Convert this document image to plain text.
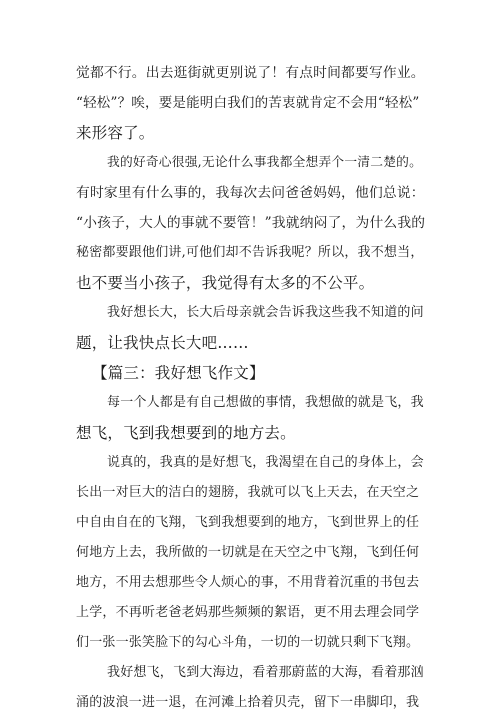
觉都不行。出去逛街就更别说了！有点时间都要写作业。
“轻松”？唉，要是能明白我们的苦衷就肯定不会用“轻松”
来形容了。
我的好奇心很强,无论什么事我都全想弄个一清二楚的。
有时家里有什么事的，我每次去问爸爸妈妈，他们总说：
“小孩子，大人的事就不要管！”我就纳闷了，为什么我的
秘密都要跟他们讲,可他们却不告诉我呢？所以，我不想当，
也不要当小孩子，我觉得有太多的不公平。
我好想长大，长大后母亲就会告诉我这些我不知道的问
题，让我快点长大吧……
【篇三：我好想飞作文】
每一个人都是有自己想做的事情，我想做的就是飞，我
想飞，飞到我想要到的地方去。
说真的，我真的是好想飞，我渴望在自己的身体上，会
长出一对巨大的洁白的翅膀，我就可以飞上天去，在天空之
中自由自在的飞翔，飞到我想要到的地方，飞到世界上的任
何地方上去，我所做的一切就是在天空之中飞翔，飞到任何
地方，不用去想那些令人烦心的事，不用背着沉重的书包去
上学，不再听老爸老妈那些频频的絮语，更不用去理会同学
们一张一张笑脸下的勾心斗角，一切的一切就只剩下飞翔。
我好想飞，飞到大海边，看着那蔚蓝的大海，看着那汹
涌的波浪一进一退，在河滩上拾着贝壳，留下一串脚印，我
